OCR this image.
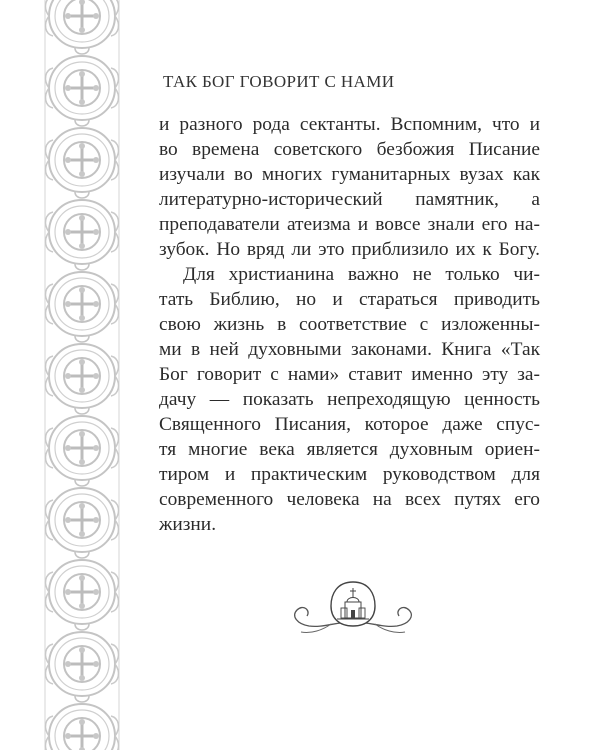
ТАК БОГ ГОВОРИТ С НАМИ
и разного рода сектанты. Вспомним, что и
во времена советского безбожия Писание
изучали во многих гуманитарных вузах как
литературно-исторический памятник, а
преподаватели атеизма и вовсе знали его на-
зубок. Но вряд ли это приблизило их к Богу.
Для христианина важно не только чи-
тать Библию, но и стараться приводить
свою жизнь в соответствие с изложенны-
ми в ней духовными законами. Книга «Так
Бог говорит с нами» ставит именно эту за-
дачу — показать непреходящую ценность
Священного Писания, которое даже спус-
тя многие века является духовным ориен-
тиром и практическим руководством для
современного человека на всех путях его
жизни.
